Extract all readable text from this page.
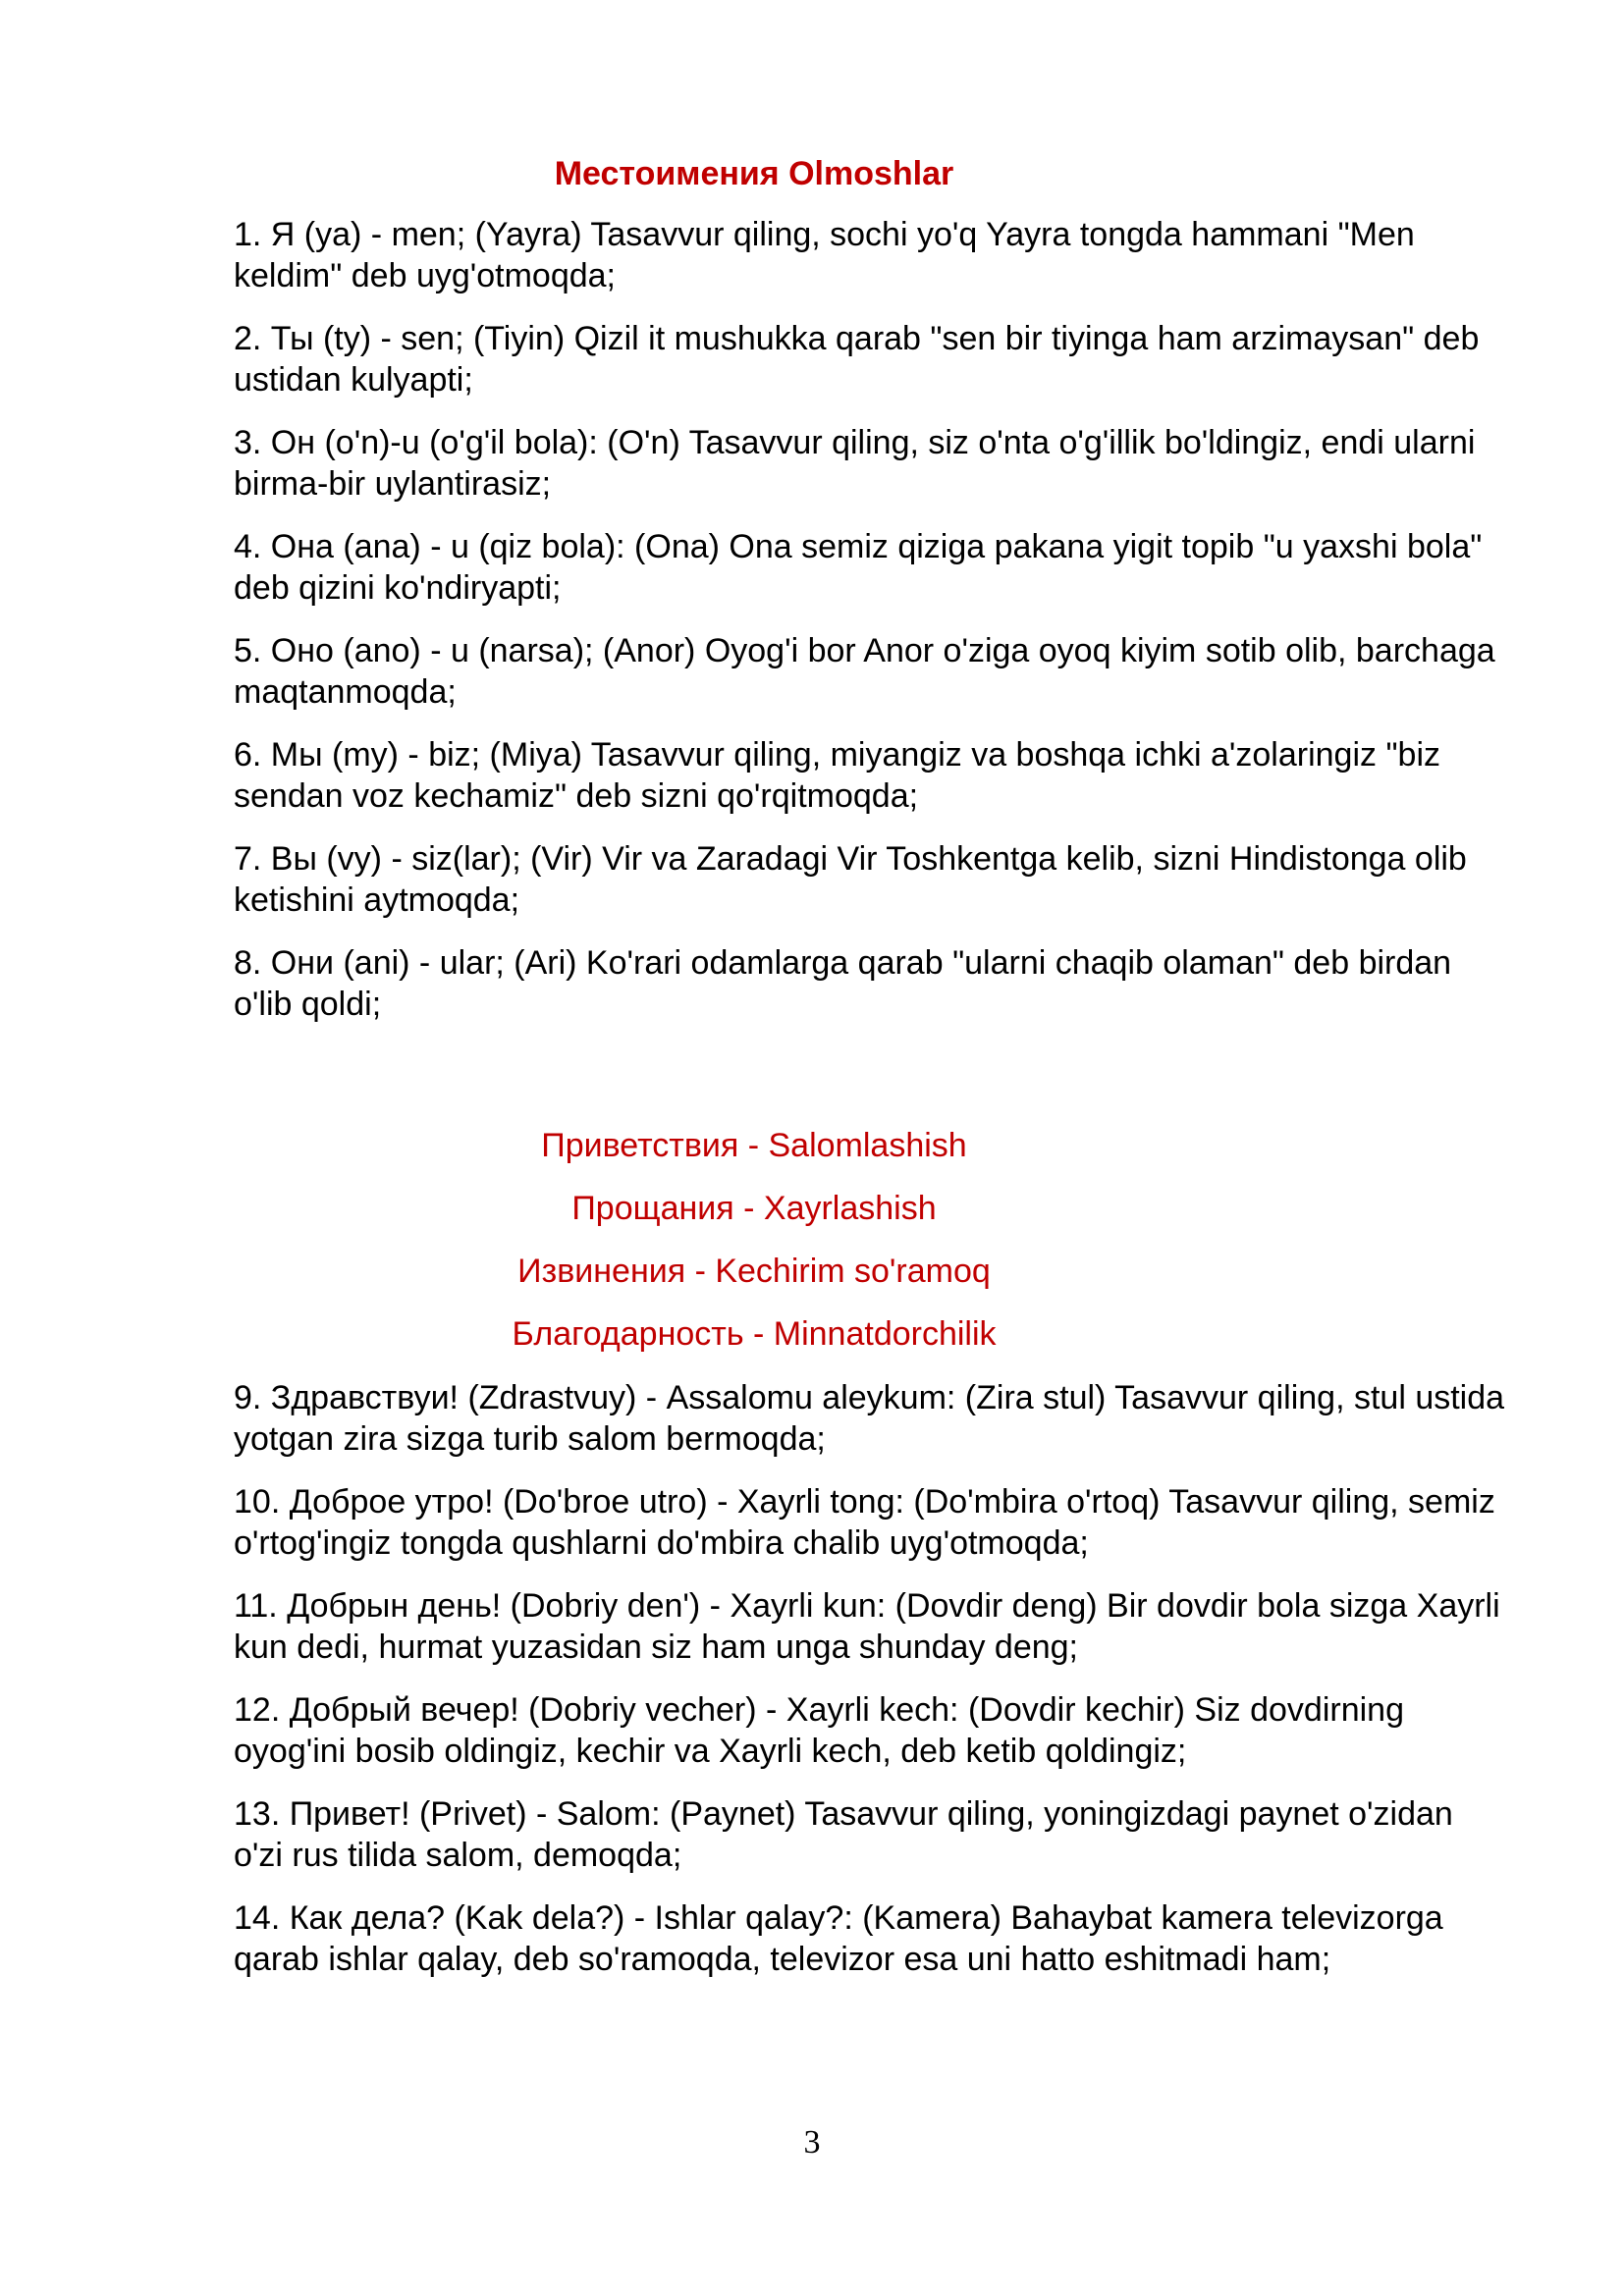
Местоимения Olmoshlar

1. Я (ya) - men; (Yayra) Tasavvur qiling, sochi yo'q Yayra tongda hammani "Men keldim" deb uyg'otmoqda;

2. Ты (ty) - sen; (Tiyin) Qizil it mushukka qarab "sen bir tiyinga ham arzimaysan" deb ustidan kulyapti;

3. Он (o'n)-u (o'g'il bola): (O'n) Tasavvur qiling, siz o'nta o'g'illik bo'ldingiz, endi ularni birma-bir uylantirasiz;

4. Она (ana) - u (qiz bola): (Ona) Ona semiz qiziga pakana yigit topib "u yaxshi bola" deb qizini ko'ndiryapti;

5. Оно (ano) - u (narsa); (Anor) Oyog'i bor Anor o'ziga oyoq kiyim sotib olib, barchaga maqtanmoqda;

6. Мы (my) - biz; (Miya) Tasavvur qiling, miyangiz va boshqa ichki a'zolaringiz "biz sendan voz kechamiz" deb sizni qo'rqitmoqda;

7. Вы (vy) - siz(lar); (Vir) Vir va Zaradagi Vir Toshkentga kelib, sizni Hindistonga olib ketishini aytmoqda;

8. Они (ani) - ular; (Ari) Ko'rari odamlarga qarab "ularni chaqib olaman" deb birdan o'lib qoldi;

Приветствия - Salomlashish

Прощания - Xayrlashish

Извинения - Kechirim so'ramoq

Благодарность - Minnatdorchilik

9. Здравствуи! (Zdrastvuy) - Assalomu aleykum: (Zira stul) Tasavvur qiling, stul ustida yotgan zira sizga turib salom bermoqda;

10. Доброе утро! (Do'broe utro) - Xayrli tong: (Do'mbira o'rtoq) Tasavvur qiling, semiz o'rtog'ingiz tongda qushlarni do'mbira chalib uyg'otmoqda;

11. Добрын день! (Dobriy den') - Xayrli kun: (Dovdir deng) Bir dovdir bola sizga Xayrli kun dedi, hurmat yuzasidan siz ham unga shunday deng;

12. Добрый вечер! (Dobriy vecher) - Xayrli kech: (Dovdir kechir) Siz dovdirning oyog'ini bosib oldingiz, kechir va Xayrli kech, deb ketib qoldingiz;

13. Привет! (Privet) - Salom: (Paynet) Tasavvur qiling, yoningizdagi paynet o'zidan o'zi rus tilida salom, demoqda;

14. Как дела? (Kak dela?) - Ishlar qalay?: (Kamera) Bahaybat kamera televizorga qarab ishlar qalay, deb so'ramoqda, televizor esa uni hatto eshitmadi ham;

3
